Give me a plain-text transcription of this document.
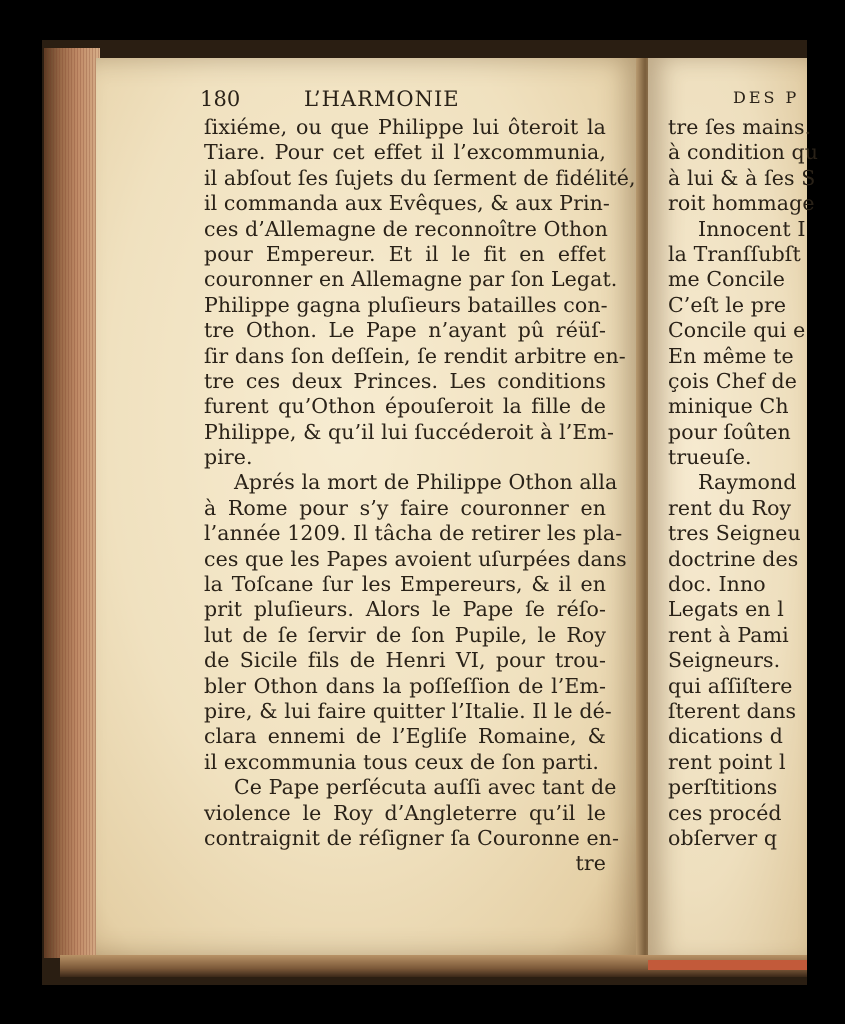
180	L’HARMONIE
ſixiéme, ou que Philippe lui ôteroit la
Tiare. Pour cet effet il l’excommunia,
il abſout ſes ſujets du ſerment de fidélité,
il commanda aux Evêques, & aux Prin-
ces d’Allemagne de reconnoître Othon
pour Empereur. Et il le fit en effet
couronner en Allemagne par ſon Legat.
Philippe gagna pluſieurs batailles con-
tre Othon. Le Pape n’ayant pû réüſ-
ſir dans ſon deſſein, ſe rendit arbitre en-
tre ces deux Princes. Les conditions
furent qu’Othon épouſeroit la fille de
Philippe, & qu’il lui ſuccéderoit à l’Em-
pire.
Aprés la mort de Philippe Othon alla
à Rome pour s’y faire couronner en
l’année 1209. Il tâcha de retirer les pla-
ces que les Papes avoient uſurpées dans
la Toſcane ſur les Empereurs, & il en
prit pluſieurs. Alors le Pape ſe réſo-
lut de ſe ſervir de ſon Pupile, le Roy
de Sicile fils de Henri VI, pour trou-
bler Othon dans la poſſeſſion de l’Em-
pire, & lui faire quitter l’Italie. Il le dé-
clara ennemi de l’Egliſe Romaine, &
il excommunia tous ceux de ſon parti.
Ce Pape perſécuta auſſi avec tant de
violence le Roy d’Angleterre qu’il le
contraignit de réſigner ſa Couronne en-
tre
DES P
tre ſes mains.
à condition qu
à lui & à ſes S
roit hommage
Innocent I
la Tranſſubſt
me Concile
C’eſt le pre
Concile qui e
En même te
çois Chef de
minique Ch
pour ſoûten
trueuſe.
Raymond
rent du Roy
tres Seigneu
doctrine des
doc. Inno
Legats en l
rent à Pami
Seigneurs.
qui aſſiſtere
ſterent dans
dications d
rent point l
perſtitions
ces procéd
obſerver q
